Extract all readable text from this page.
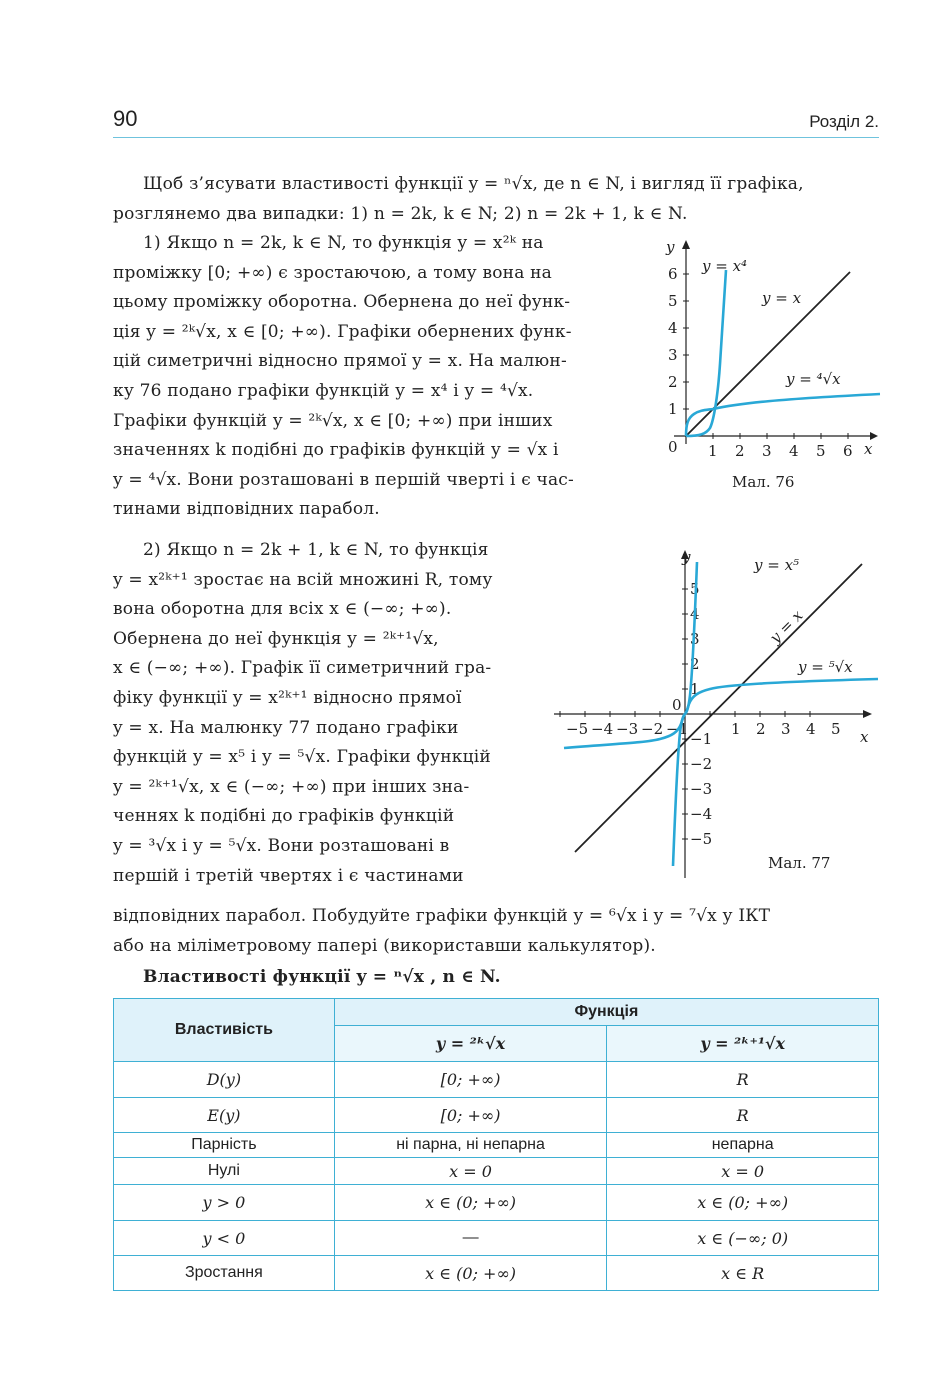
90	Розділ 2.

Щоб з’ясувати властивості функції y = ⁿ√x, де n ∈ N, і вигляд її графіка,

розглянемо два випадки: 1) n = 2k, k ∈ N; 2) n = 2k + 1, k ∈ N.

1) Якщо n = 2k, k ∈ N, то функція y = x²ᵏ на

проміжку [0; +∞) є зростаючою, а тому вона на

цьому проміжку оборотна. Обернена до неї функ-

ція y = ²ᵏ√x, x ∈ [0; +∞). Графіки обернених функ-

цій симетричні відносно прямої y = x. На малюн-

ку 76 подано графіки функцій y = x⁴ і y = ⁴√x.

Графіки функцій y = ²ᵏ√x, x ∈ [0; +∞) при інших

значеннях k подібні до графіків функцій y = √x і

y = ⁴√x. Вони розташовані в першій чверті і є час-

тинами відповідних парабол.

1 2 3 4 5 6
1
2
3
4
5
6
0
y
x
y = x⁴
y = x
y = ⁴√x
Мал. 76

2) Якщо n = 2k + 1, k ∈ N, то функція

y = x²ᵏ⁺¹ зростає на всій множині R, тому

вона оборотна для всіх x ∈ (−∞; +∞).

Обернена до неї функція y = ²ᵏ⁺¹√x,

x ∈ (−∞; +∞). Графік її симетричний гра-

фіку функції y = x²ᵏ⁺¹ відносно прямої

y = x. На малюнку 77 подано графіки

функцій y = x⁵ і y = ⁵√x. Графіки функцій

y = ²ᵏ⁺¹√x, x ∈ (−∞; +∞) при інших зна-

ченнях k подібні до графіків функцій

y = ³√x і y = ⁵√x. Вони розташовані в

першій і третій чвертях і є частинами

−5 −4 −3 −2 −1	1 2 3 4 5
1
2
3
4
5
−1
−2
−3
−4
−5
0
y
x
y = x⁵
y = x
y = ⁵√x
Мал. 77

відповідних парабол. Побудуйте графіки функцій y = ⁶√x і y = ⁷√x у ІКТ

або на міліметровому папері (використавши калькулятор).

Властивості функції y = ⁿ√x , n ∈ N.
Властивість	Функція	
	y = ²ᵏ√x	y = ²ᵏ⁺¹√x
D(y)	[0; +∞)	R
E(y)	[0; +∞)	R
Парність	ні парна, ні непарна	непарна
Нулі	x = 0	x = 0
y > 0	x ∈ (0; +∞)	x ∈ (0; +∞)
y < 0	—	x ∈ (−∞; 0)
Зростання	x ∈ (0; +∞)	x ∈ R
